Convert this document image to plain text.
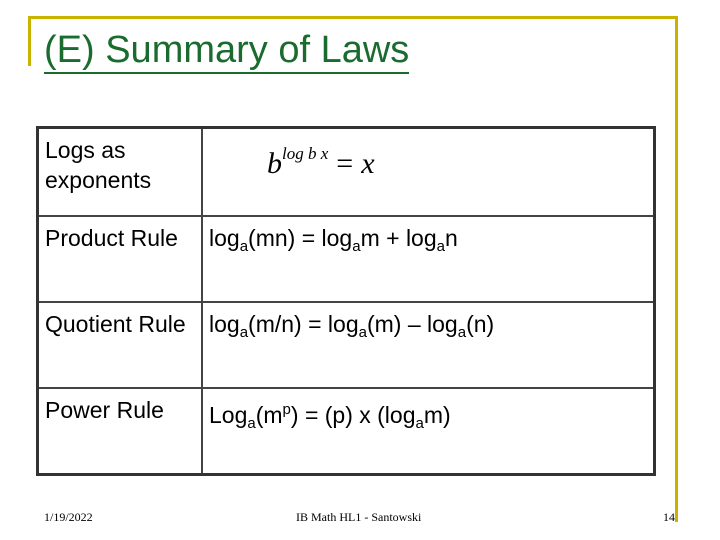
(E) Summary of Laws
Logs as exponents	$b^{log b x} = x$
Product Rule	$\log_a(mn) = \log_am + \log_an$
Quotient Rule	$\log_a(m/n) = \log_a(m) - \log_a(n)$
Power Rule	$Log_a(m^p) = (p)$ x $(\log_am)$
1/19/2022	IB Math HL1 - Santowski	14
